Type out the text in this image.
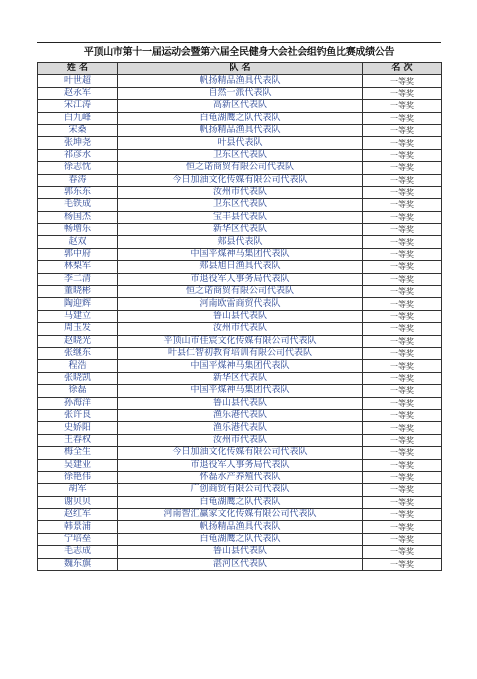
平顶山市第十一届运动会暨第六届全民健身大会社会组钓鱼比赛成绩公告
姓 名	队 名	名 次
叶世超	帆扬精品渔具代表队	一等奖
赵永军	自然一派代表队	一等奖
宋江涛	高新区代表队	一等奖
白九峰	白龟湖鹰之队代表队	一等奖
宋桑	帆扬精品渔具代表队	一等奖
张坤尧	叶县代表队	一等奖
祁彦水	卫东区代表队	一等奖
徐志忱	恒之诺商贸有限公司代表队	一等奖
春涛	今日加油文化传媒有限公司代表队	一等奖
郭东东	汝州市代表队	一等奖
毛铁成	卫东区代表队	一等奖
杨国杰	宝丰县代表队	一等奖
畅增乐	新华区代表队	一等奖
赵双	郏县代表队	一等奖
郭中府	中国平煤神马集团代表队	一等奖
林梨军	郏县旭日渔具代表队	一等奖
李二清	市退役军人事务局代表队	一等奖
董晓彬	恒之诺商贸有限公司代表队	一等奖
陶迎辉	河南欧雷商贸代表队	一等奖
马建立	鲁山县代表队	一等奖
周玉发	汝州市代表队	一等奖
赵晓光	平顶山市佳宸文化传媒有限公司代表队	一等奖
张继东	叶县仁智初教育培训有限公司代表队	一等奖
程浩	中国平煤神马集团代表队	一等奖
张晓凯	新华区代表队	一等奖
徐磊	中国平煤神马集团代表队	一等奖
孙海洋	鲁山县代表队	一等奖
张许良	渔乐港代表队	一等奖
史娇阳	渔乐港代表队	一等奖
王春权	汝州市代表队	一等奖
梅全生	今日加油文化传媒有限公司代表队	一等奖
吴建业	市退役军人事务局代表队	一等奖
徐艳伟	怀磊水产养殖代表队	一等奖
胡军	广创商贸有限公司代表队	一等奖
谢贝贝	白龟湖鹰之队代表队	一等奖
赵红军	河南智汇赢家文化传媒有限公司代表队	一等奖
韩景浦	帆扬精品渔具代表队	一等奖
宁培垒	白龟湖鹰之队代表队	一等奖
毛志成	鲁山县代表队	一等奖
魏东旗	湛河区代表队	一等奖
